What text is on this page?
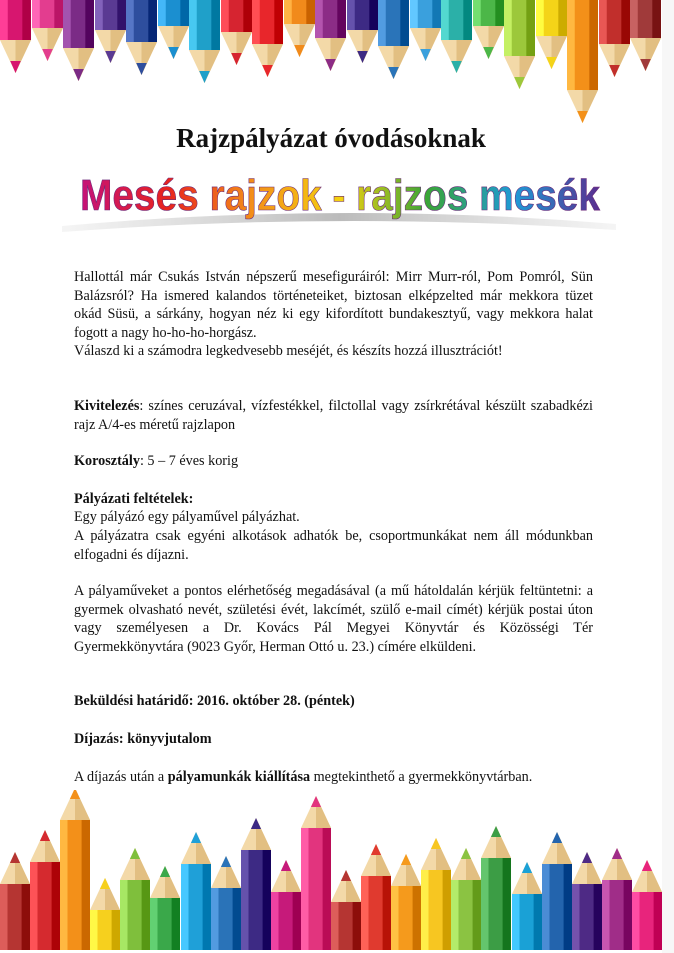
Rajzpályázat óvodásoknak
Mesés rajzok - rajzos mesék

Hallottál már Csukás István népszerű mesefiguráiról: Mirr Murr-ról, Pom Pomról, Sün Balázsról? Ha ismered kalandos történeteiket, biztosan elképzelted már mekkora tüzet okád Süsü, a sárkány, hogyan néz ki egy kifordított bundakesztyű, vagy mekkora halat fogott a nagy ho-ho-ho-horgász.

Válaszd ki a számodra legkedvesebb meséjét, és készíts hozzá illusztrációt!

Kivitelezés: színes ceruzával, vízfestékkel, filctollal vagy zsírkrétával készült szabadkézi rajz A/4-es méretű rajzlapon

Korosztály: 5 – 7 éves korig

Pályázati feltételek:

Egy pályázó egy pályaművel pályázhat.

A pályázatra csak egyéni alkotások adhatók be, csoportmunkákat nem áll módunkban elfogadni és díjazni.

A pályaműveket a pontos elérhetőség megadásával (a mű hátoldalán kérjük feltüntetni: a gyermek olvasható nevét, születési évét, lakcímét, szülő e-mail címét) kérjük postai úton vagy személyesen a Dr. Kovács Pál Megyei Könyvtár és Közösségi Tér Gyermekkönyvtára (9023 Győr, Herman Ottó u. 23.) címére elküldeni.

Beküldési határidő: 2016. október 28. (péntek)

Díjazás: könyvjutalom

A díjazás után a pályamunkák kiállítása megtekinthető a gyermekkönyvtárban.
